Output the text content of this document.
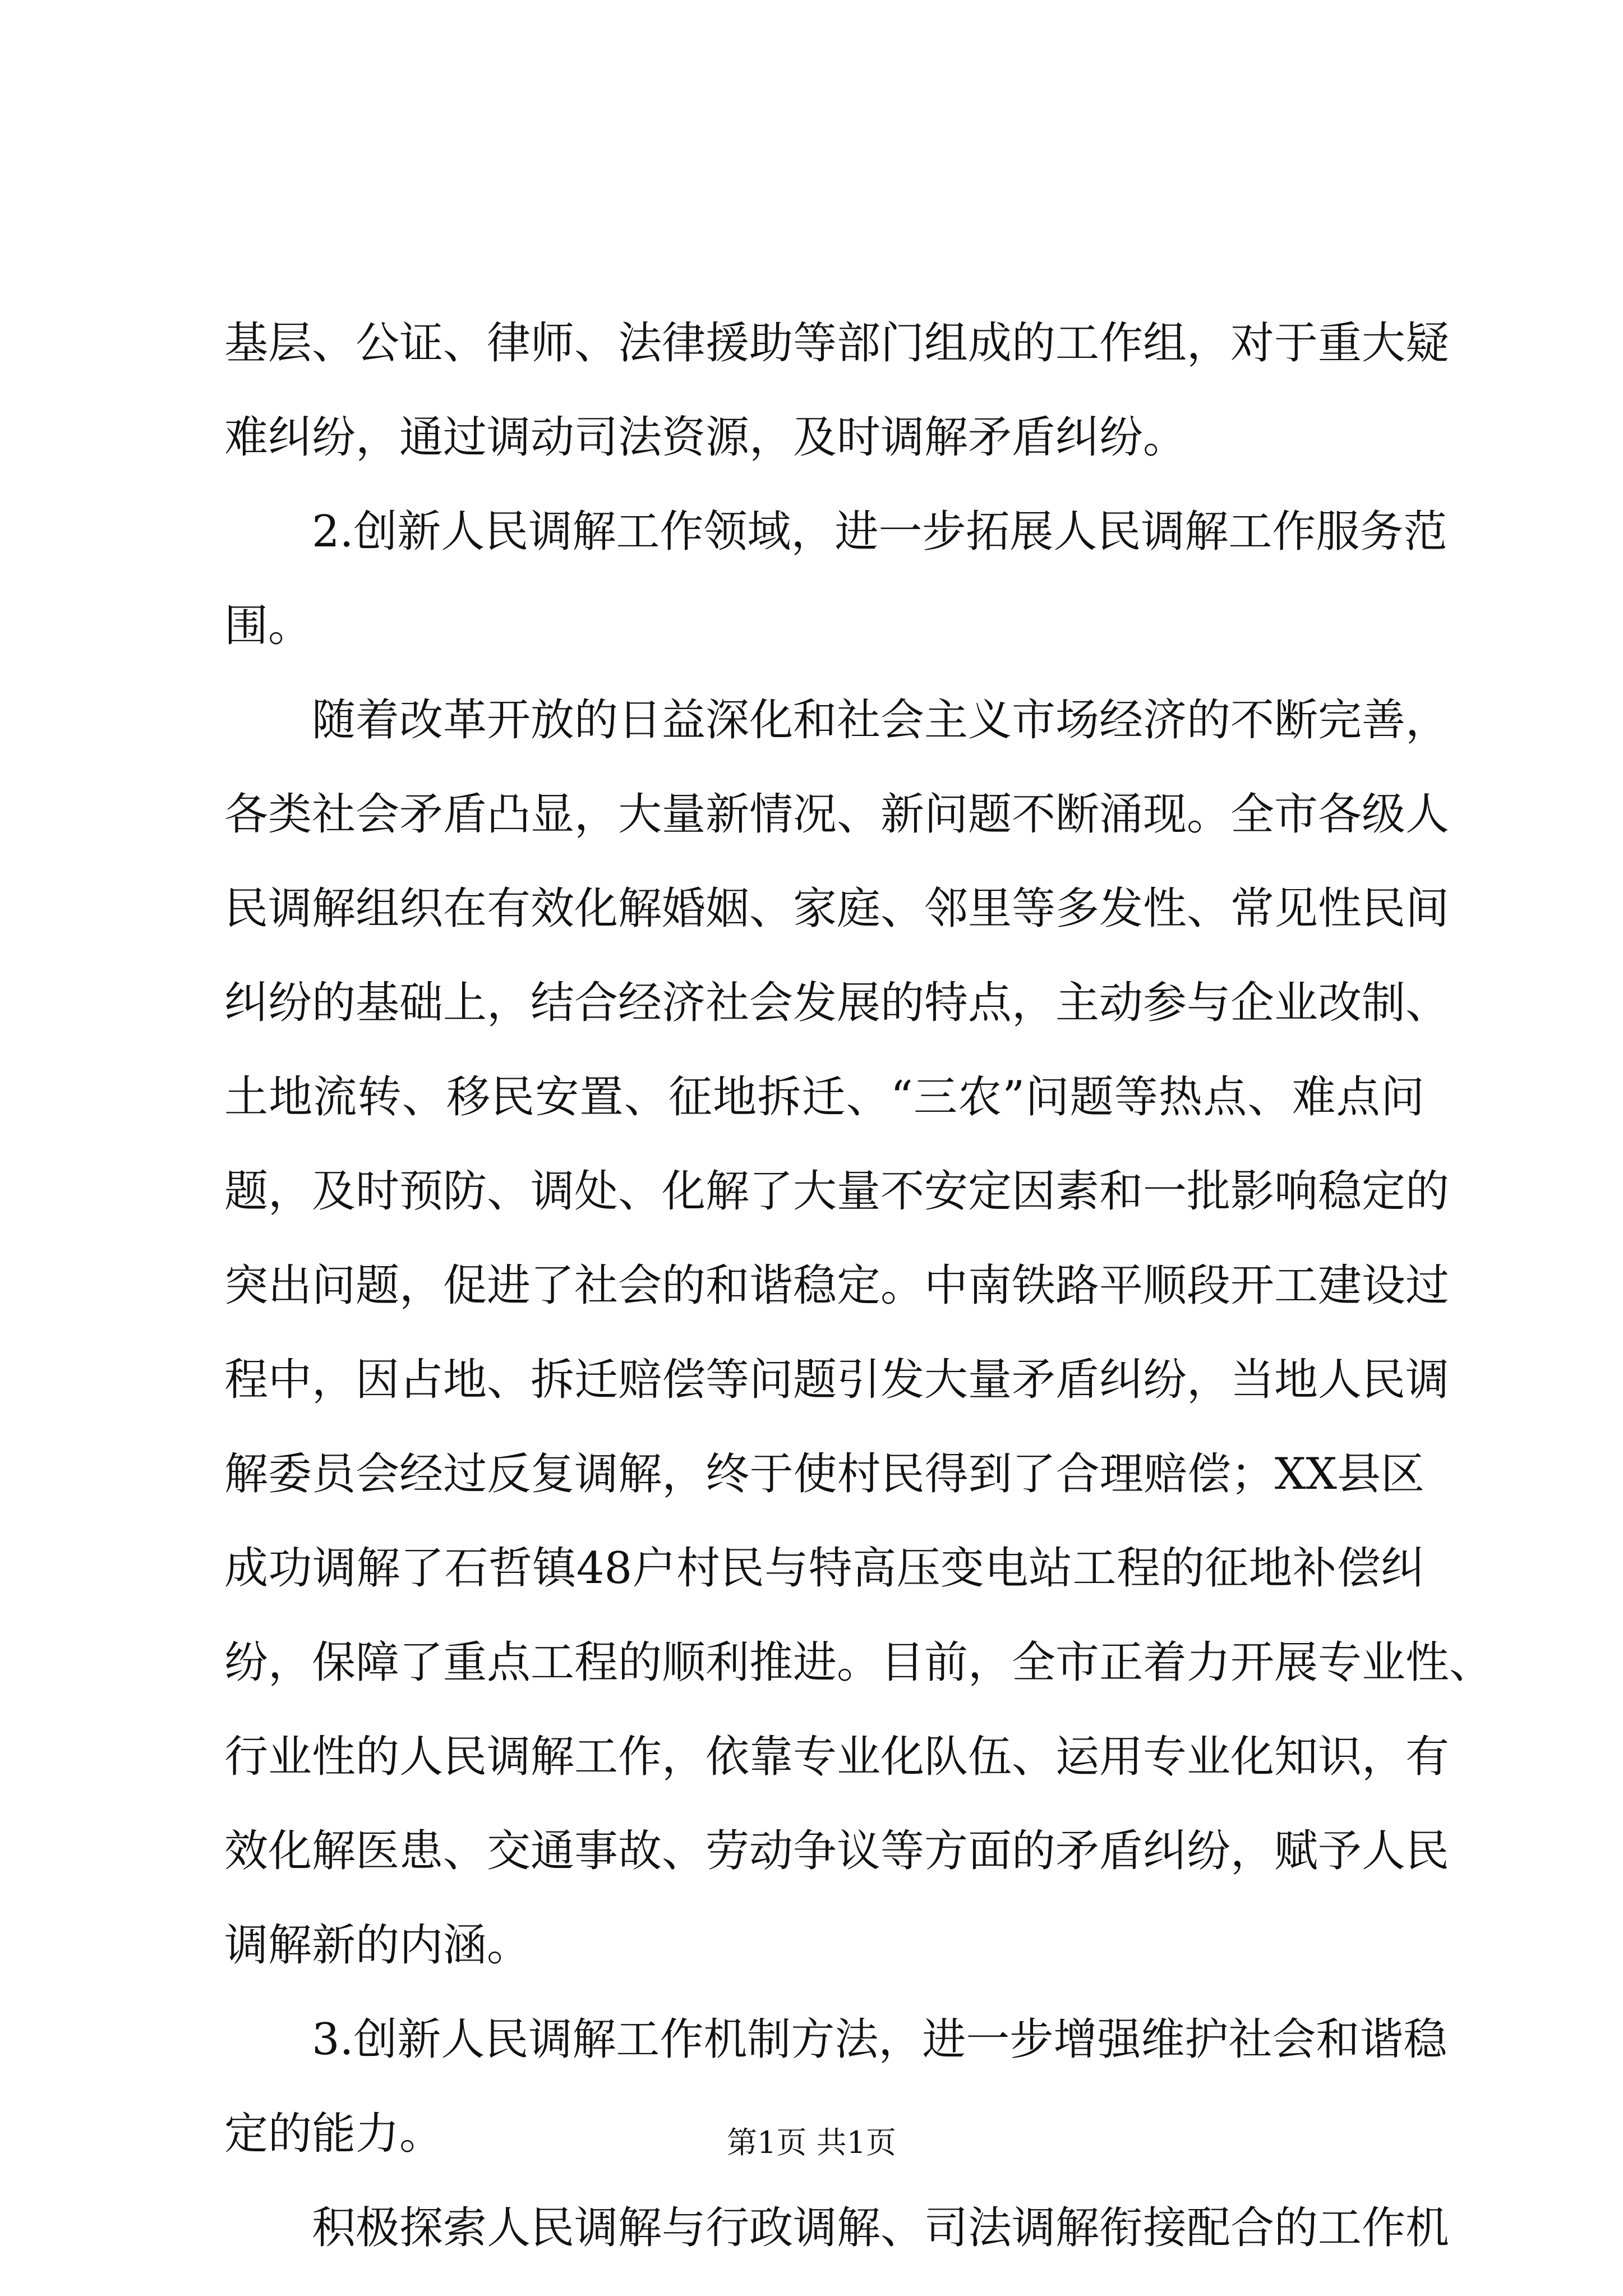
基层、公证、律师、法律援助等部门组成的工作组，对于重大疑
难纠纷，通过调动司法资源，及时调解矛盾纠纷。
2.创新人民调解工作领域，进一步拓展人民调解工作服务范
围。
随着改革开放的日益深化和社会主义市场经济的不断完善，
各类社会矛盾凸显，大量新情况、新问题不断涌现。全市各级人
民调解组织在有效化解婚姻、家庭、邻里等多发性、常见性民间
纠纷的基础上，结合经济社会发展的特点，主动参与企业改制、
土地流转、移民安置、征地拆迁、“三农”问题等热点、难点问
题，及时预防、调处、化解了大量不安定因素和一批影响稳定的
突出问题，促进了社会的和谐稳定。中南铁路平顺段开工建设过
程中，因占地、拆迁赔偿等问题引发大量矛盾纠纷，当地人民调
解委员会经过反复调解，终于使村民得到了合理赔偿；XX县区
成功调解了石哲镇48户村民与特高压变电站工程的征地补偿纠
纷，保障了重点工程的顺利推进。目前，全市正着力开展专业性、
行业性的人民调解工作，依靠专业化队伍、运用专业化知识，有
效化解医患、交通事故、劳动争议等方面的矛盾纠纷，赋予人民
调解新的内涵。
3.创新人民调解工作机制方法，进一步增强维护社会和谐稳
定的能力。
积极探索人民调解与行政调解、司法调解衔接配合的工作机
第1页 共1页
